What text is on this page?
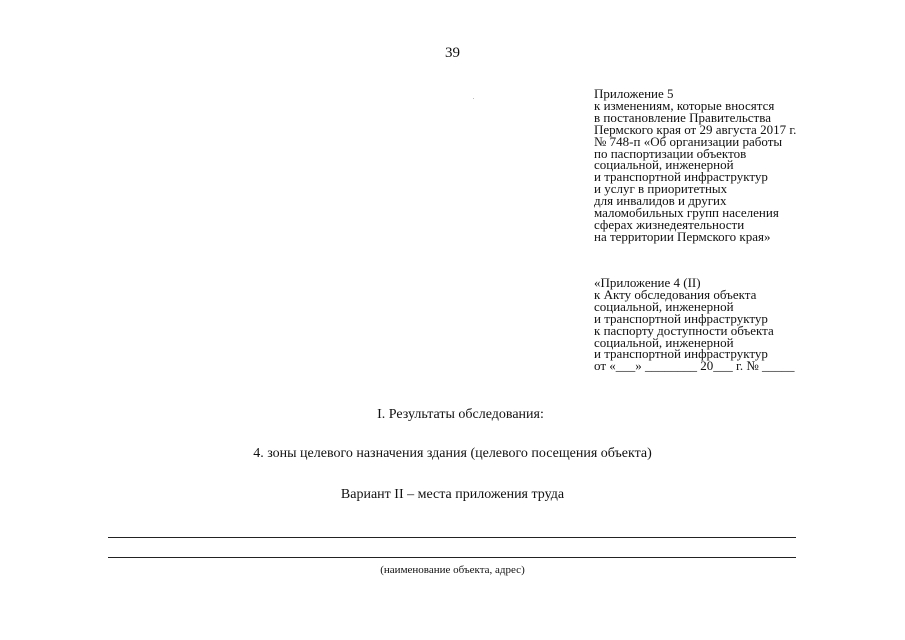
39
Приложение 5
к изменениям, которые вносятся
в постановление Правительства
Пермского края от 29 августа 2017 г.
№ 748-п «Об организации работы
по паспортизации объектов
социальной, инженерной
и транспортной инфраструктур
и услуг в приоритетных
для инвалидов и других
маломобильных групп населения
сферах жизнедеятельности
на территории Пермского края»
«Приложение 4 (II)
к Акту обследования объекта
социальной, инженерной
и транспортной инфраструктур
к паспорту доступности объекта
социальной, инженерной
и транспортной инфраструктур
от «___» ________ 20___ г. № _____
I. Результаты обследования:
4. зоны целевого назначения здания (целевого посещения объекта)
Вариант II – места приложения труда
(наименование объекта, адрес)
